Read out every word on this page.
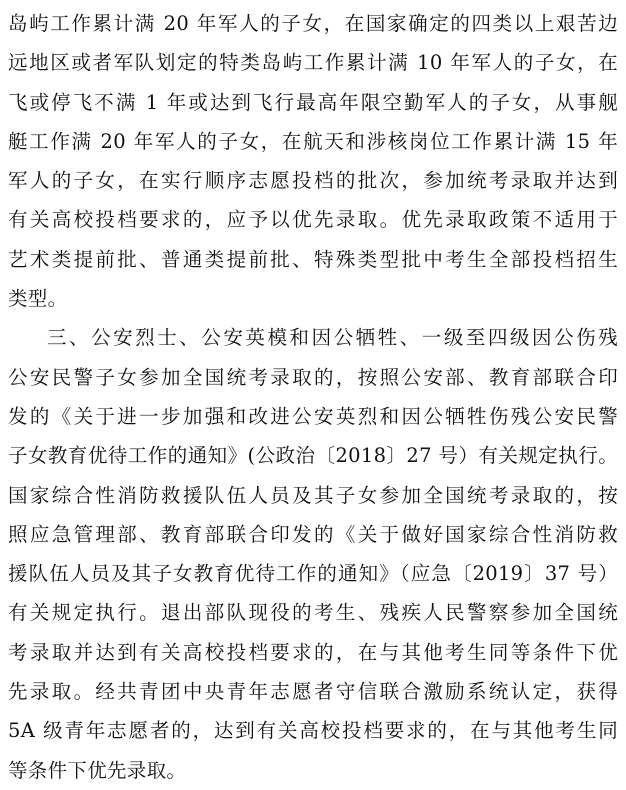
岛屿工作累计满 20 年军人的子女，在国家确定的四类以上艰苦边
远地区或者军队划定的特类岛屿工作累计满 10 年军人的子女，在
飞或停飞不满 1 年或达到飞行最高年限空勤军人的子女，从事舰
艇工作满 20 年军人的子女，在航天和涉核岗位工作累计满 15 年
军人的子女，在实行顺序志愿投档的批次，参加统考录取并达到
有关高校投档要求的，应予以优先录取。优先录取政策不适用于
艺术类提前批、普通类提前批、特殊类型批中考生全部投档招生
类型。
三、公安烈士、公安英模和因公牺牲、一级至四级因公伤残
公安民警子女参加全国统考录取的，按照公安部、教育部联合印
发的《关于进一步加强和改进公安英烈和因公牺牲伤残公安民警
子女教育优待工作的通知》(公政治〔2018〕27 号）有关规定执行。
国家综合性消防救援队伍人员及其子女参加全国统考录取的，按
照应急管理部、教育部联合印发的《关于做好国家综合性消防救
援队伍人员及其子女教育优待工作的通知》（应急〔2019〕37 号）
有关规定执行。退出部队现役的考生、残疾人民警察参加全国统
考录取并达到有关高校投档要求的，在与其他考生同等条件下优
先录取。经共青团中央青年志愿者守信联合激励系统认定，获得
5A 级青年志愿者的，达到有关高校投档要求的，在与其他考生同
等条件下优先录取。
